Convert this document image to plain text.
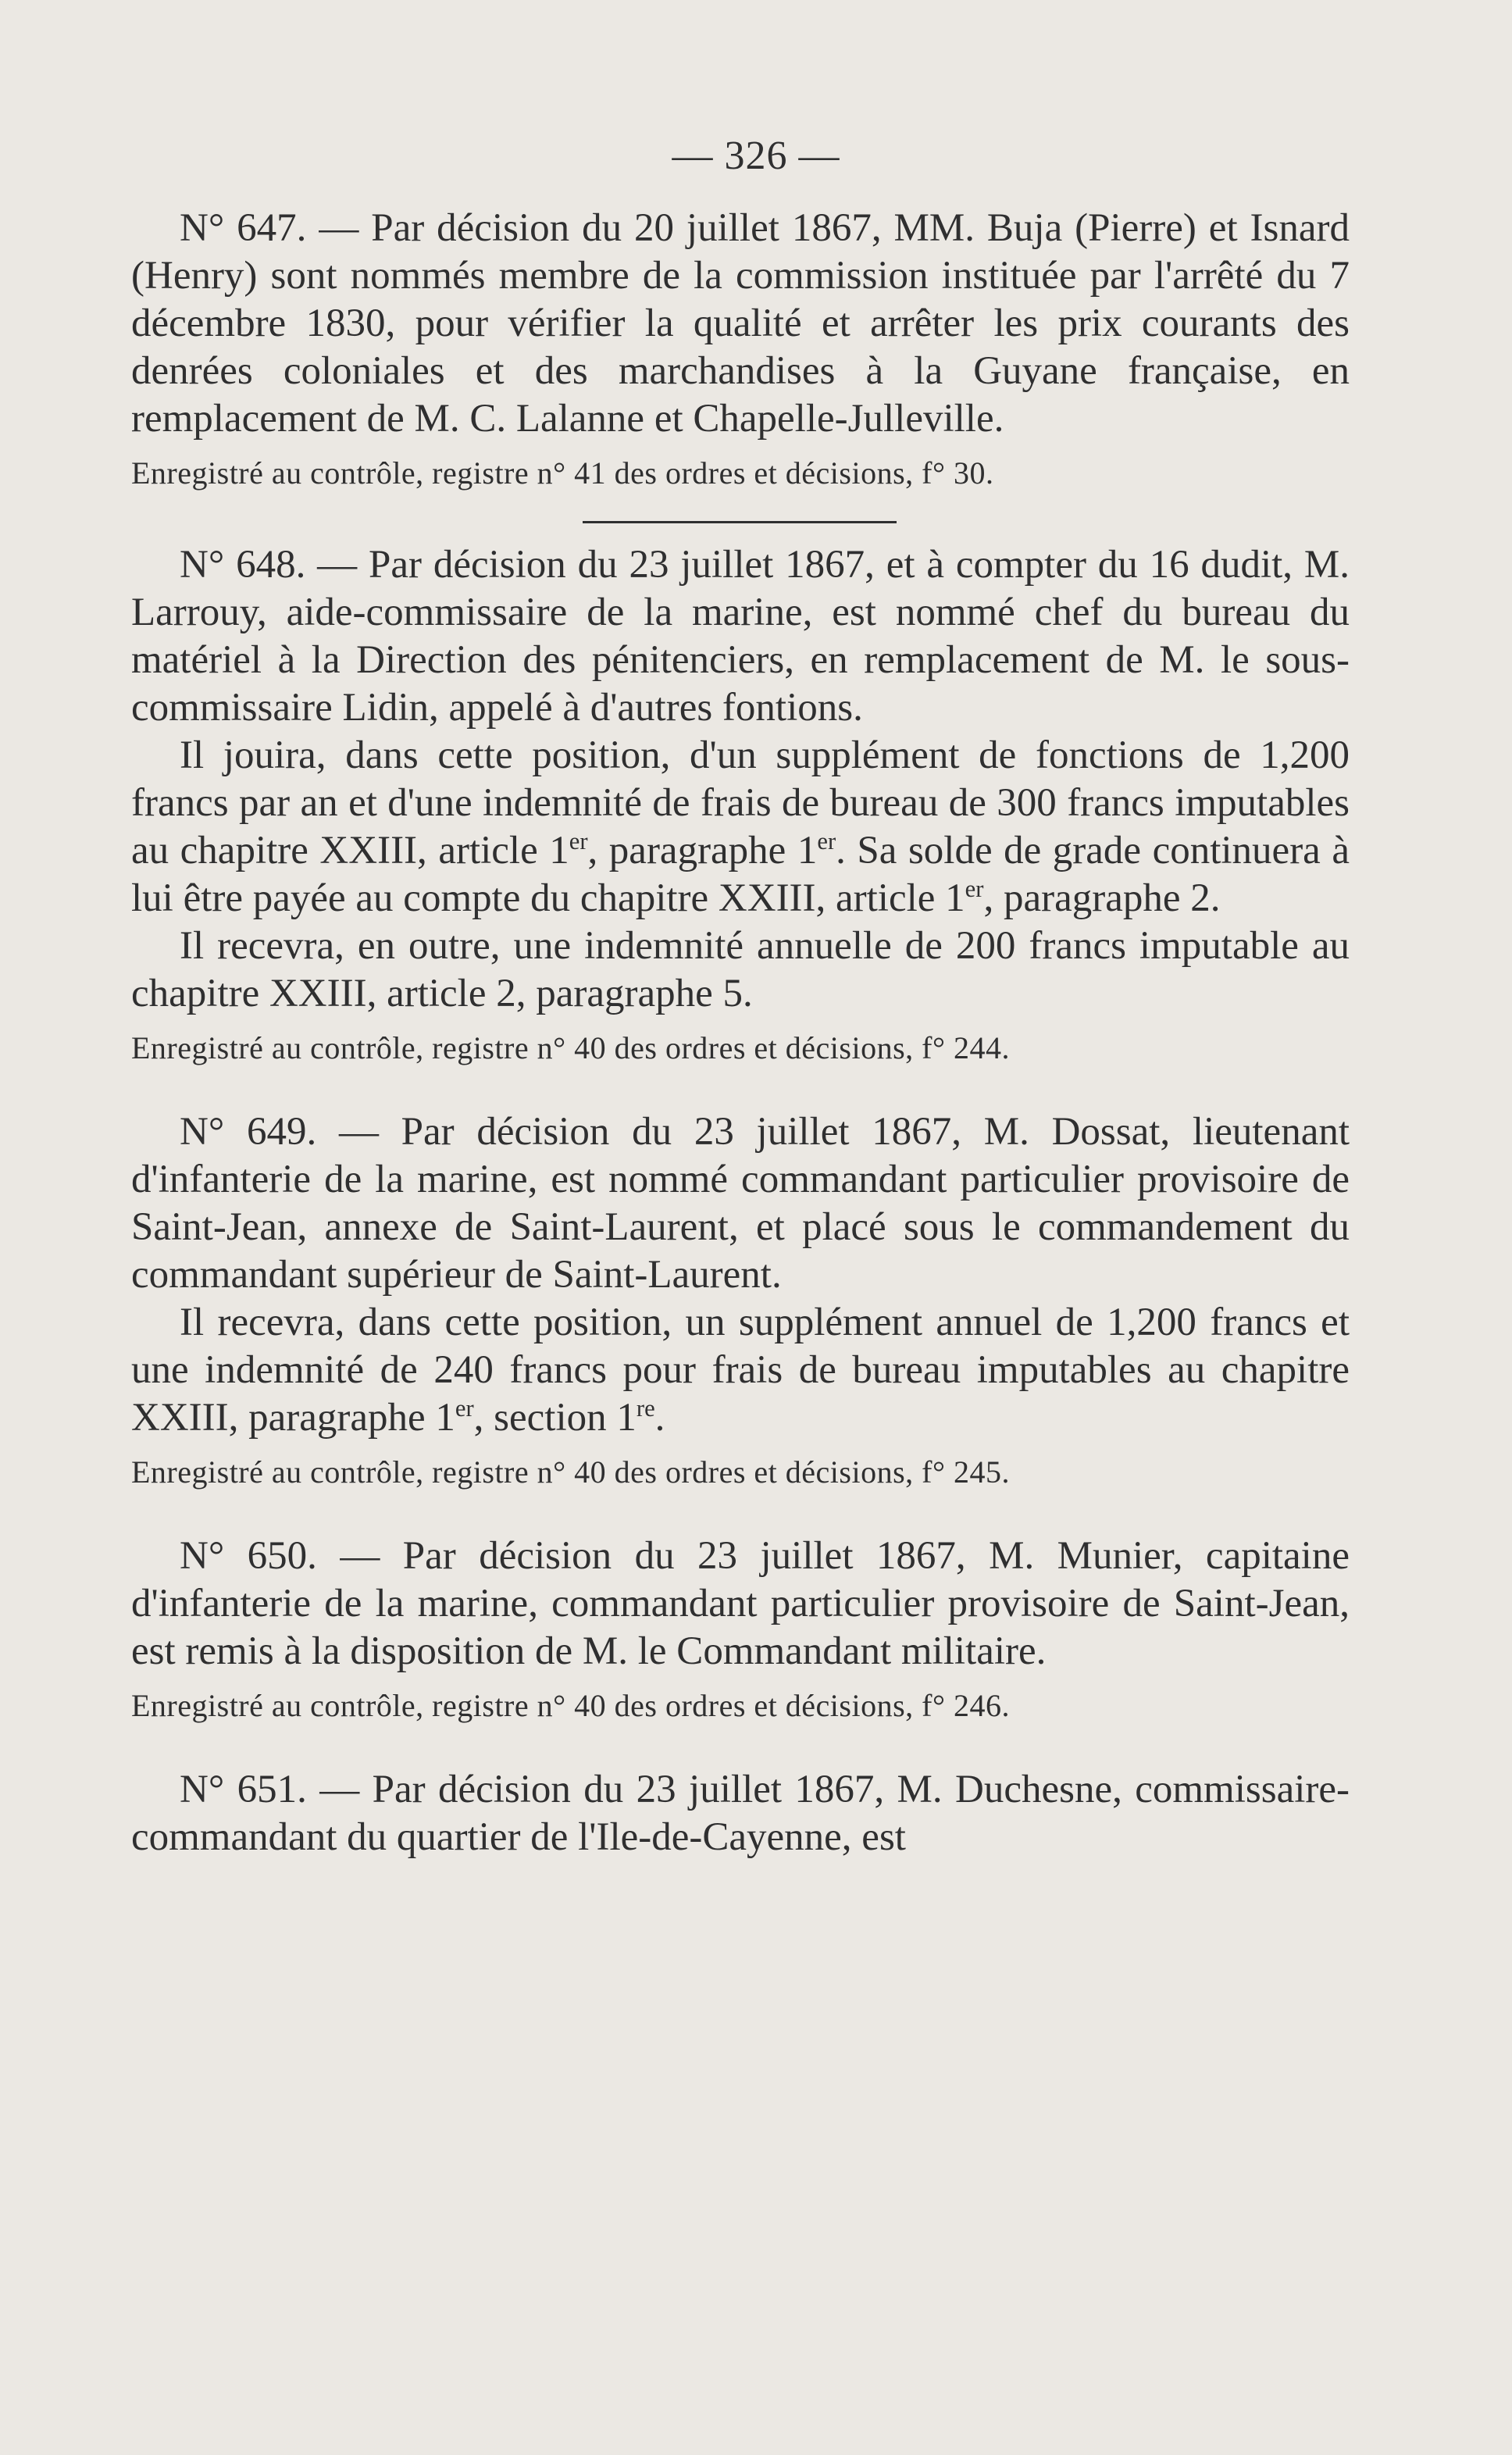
— 326 —

N° 647. — Par décision du 20 juillet 1867, MM. Buja (Pierre) et Isnard (Henry) sont nommés membre de la commission instituée par l'arrêté du 7 décembre 1830, pour vérifier la qualité et arrêter les prix courants des denrées coloniales et des marchandises à la Guyane française, en remplacement de M. C. Lalanne et Chapelle-Julleville.

Enregistré au contrôle, registre n° 41 des ordres et décisions, f° 30.

N° 648. — Par décision du 23 juillet 1867, et à compter du 16 dudit, M. Larrouy, aide-commissaire de la marine, est nommé chef du bureau du matériel à la Direction des pénitenciers, en remplacement de M. le sous-commissaire Lidin, appelé à d'autres fontions.

Il jouira, dans cette position, d'un supplément de fonctions de 1,200 francs par an et d'une indemnité de frais de bureau de 300 francs imputables au chapitre XXIII, article 1er, paragraphe 1er. Sa solde de grade continuera à lui être payée au compte du chapitre XXIII, article 1er, paragraphe 2.

Il recevra, en outre, une indemnité annuelle de 200 francs imputable au chapitre XXIII, article 2, paragraphe 5.

Enregistré au contrôle, registre n° 40 des ordres et décisions, f° 244.

N° 649. — Par décision du 23 juillet 1867, M. Dossat, lieutenant d'infanterie de la marine, est nommé commandant particulier provisoire de Saint-Jean, annexe de Saint-Laurent, et placé sous le commandement du commandant supérieur de Saint-Laurent.

Il recevra, dans cette position, un supplément annuel de 1,200 francs et une indemnité de 240 francs pour frais de bureau imputables au chapitre XXIII, paragraphe 1er, section 1re.

Enregistré au contrôle, registre n° 40 des ordres et décisions, f° 245.

N° 650. — Par décision du 23 juillet 1867, M. Munier, capitaine d'infanterie de la marine, commandant particulier provisoire de Saint-Jean, est remis à la disposition de M. le Commandant militaire.

Enregistré au contrôle, registre n° 40 des ordres et décisions, f° 246.

N° 651. — Par décision du 23 juillet 1867, M. Duchesne, commissaire-commandant du quartier de l'Ile-de-Cayenne, est
